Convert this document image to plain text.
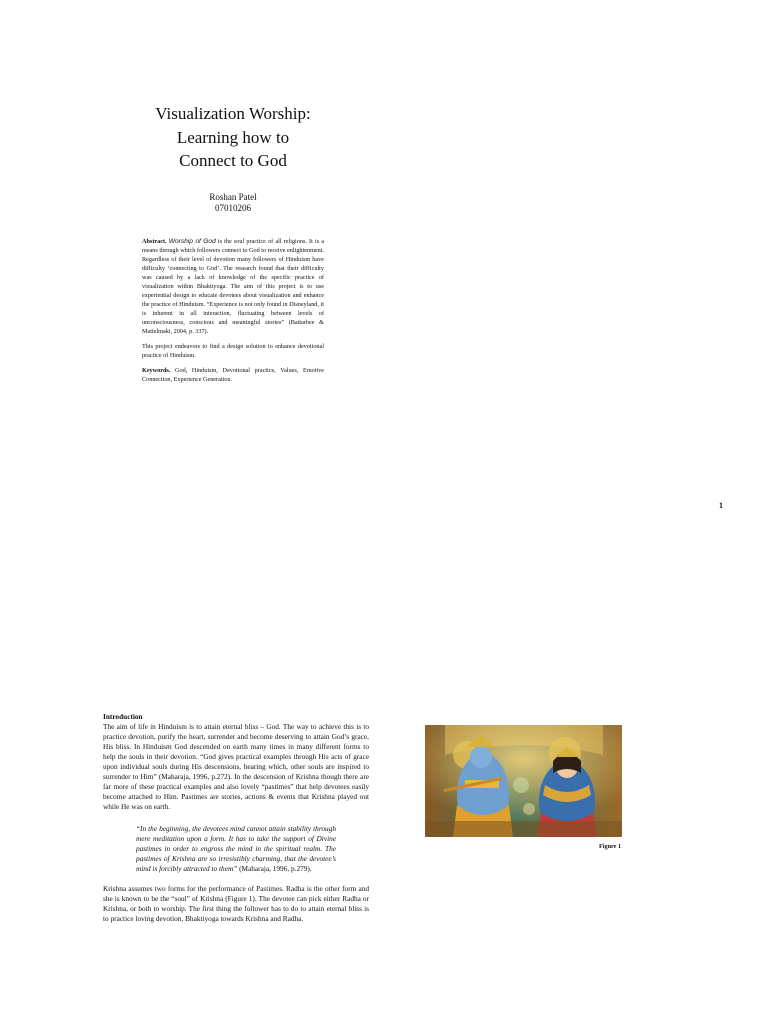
Visualization Worship:
Learning how to
Connect to God
Roshan Patel
07010206

Abstract. Worship of God is the soul practice of all religions. It is a means through which followers connect to God to receive enlightenment. Regardless of their level of devotion many followers of Hinduism have difficulty ‘connecting to God’. The research found that their difficulty was caused by a lack of knowledge of the specific practice of visualization within Bhaktiyoga. The aim of this project is to use experiential design to educate devotees about visualization and enhance the practice of Hinduism. “Experience is not only found in Disneyland, it is inherent in all interaction, fluctuating between levels of unconsciousness, conscious and meaningful stories” (Battarbee & Mattelmaki, 2004, p. 337).

This project endeavors to find a design solution to enhance devotional practice of Hinduism.

Keywords. God, Hinduism, Devotional practice, Values, Emotive Connection, Experience Generation.

1
Introduction

The aim of life in Hinduism is to attain eternal bliss – God. The way to achieve this is to practice devotion, purify the heart, surrender and become deserving to attain God’s grace, His bliss. In Hinduism God descended on earth many times in many different forms to help the souls in their devotion. “God gives practical examples through His acts of grace upon individual souls during His descensions, hearing which, other souls are inspired to surrender to Him” (Maharaja, 1996, p.272). In the descension of Krishna though there are far more of these practical examples and also lovely “pastimes” that help devotees easily become attached to Him. Pastimes are stories, actions & events that Krishna played out while He was on earth.

“In the beginning, the devotees mind cannot attain stability through mere meditation upon a form. It has to take the support of Divine pastimes in order to engross the mind in the spiritual realm. The pastimes of Krishna are so irresistibly charming, that the devotee’s mind is forcibly attracted to them” (Maharaja, 1996, p.279).

Krishna assumes two forms for the performance of Pastimes. Radha is the other form and she is known to be the “soul” of Krishna (Figure 1). The devotee can pick either Radha or Krishna, or both to worship. The first thing the follower has to do to attain eternal bliss is to practice loving devotion, Bhaktiyoga towards Krishna and Radha.

Figure 1
